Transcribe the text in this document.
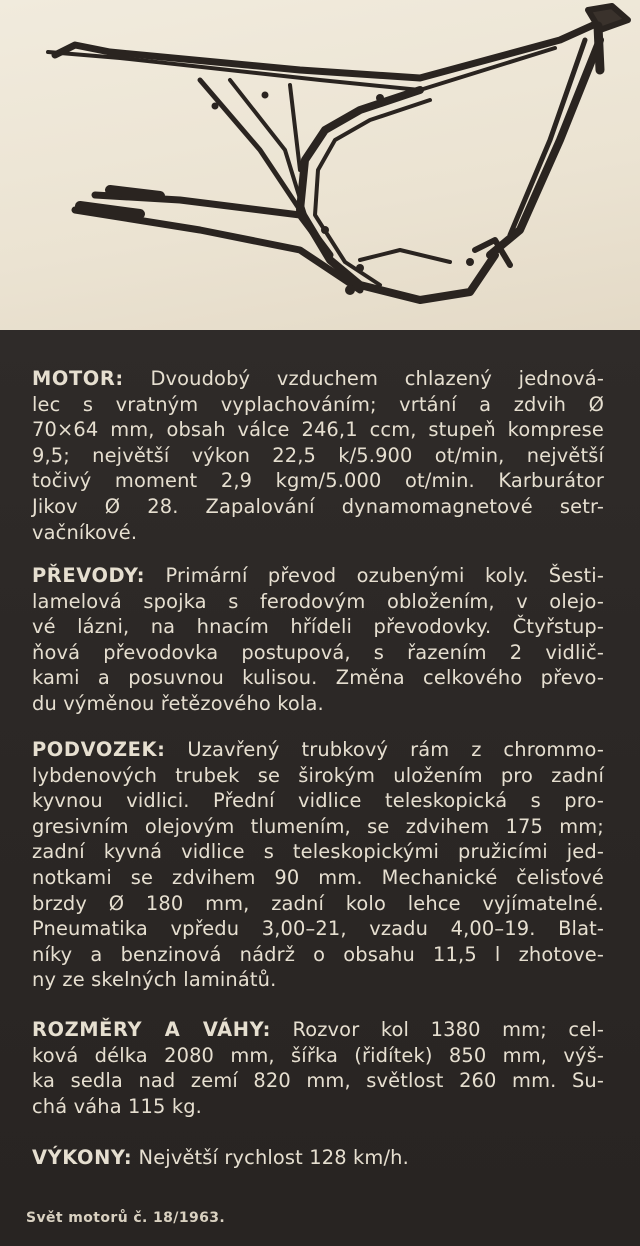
MOTOR: Dvoudobý vzduchem chlazený jednová-
lec s vratným vyplachováním; vrtání a zdvih Ø
70×64 mm, obsah válce 246,1 ccm, stupeň komprese
9,5; největší výkon 22,5 k/5.900 ot/min, největší
točivý moment 2,9 kgm/5.000 ot/min. Karburátor
Jikov Ø 28. Zapalování dynamomagnetové setr-
vačníkové.
PŘEVODY: Primární převod ozubenými koly. Šesti-
lamelová spojka s ferodovým obložením, v olejo-
vé lázni, na hnacím hřídeli převodovky. Čtyřstup-
ňová převodovka postupová, s řazením 2 vidlič-
kami a posuvnou kulisou. Změna celkového převo-
du výměnou řetězového kola.
PODVOZEK: Uzavřený trubkový rám z chrommo-
lybdenových trubek se širokým uložením pro zadní
kyvnou vidlici. Přední vidlice teleskopická s pro-
gresivním olejovým tlumením, se zdvihem 175 mm;
zadní kyvná vidlice s teleskopickými pružicími jed-
notkami se zdvihem 90 mm. Mechanické čelisťové
brzdy Ø 180 mm, zadní kolo lehce vyjímatelné.
Pneumatika vpředu 3,00–21, vzadu 4,00–19. Blat-
níky a benzinová nádrž o obsahu 11,5 l zhotove-
ny ze skelných laminátů.
ROZMĚRY A VÁHY: Rozvor kol 1380 mm; cel-
ková délka 2080 mm, šířka (řidítek) 850 mm, výš-
ka sedla nad zemí 820 mm, světlost 260 mm. Su-
chá váha 115 kg.
VÝKONY: Největší rychlost 128 km/h.
Svět motorů č. 18/1963.
